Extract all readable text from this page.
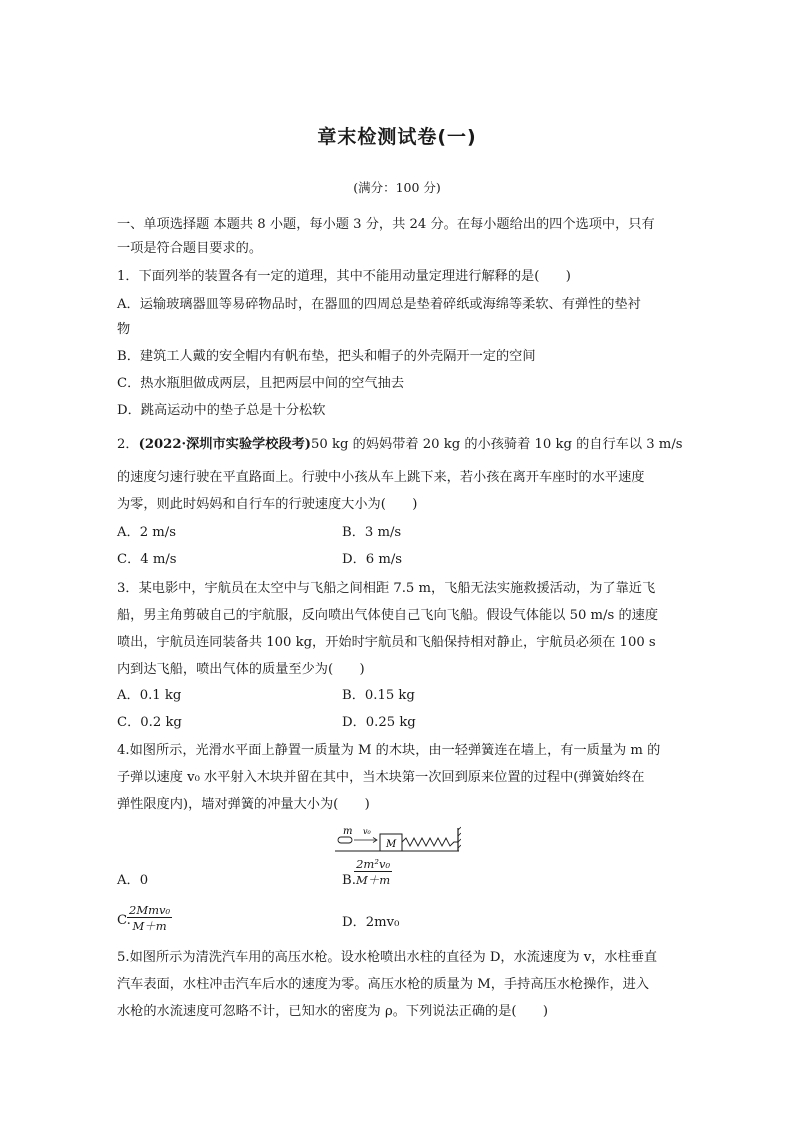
章末检测试卷(一)
(满分：100 分)
一、单项选择题 本题共 8 小题，每小题 3 分，共 24 分。在每小题给出的四个选项中，只有
一项是符合题目要求的。
1．下面列举的装置各有一定的道理，其中不能用动量定理进行解释的是(　　)
A．运输玻璃器皿等易碎物品时，在器皿的四周总是垫着碎纸或海绵等柔软、有弹性的垫衬
物
B．建筑工人戴的安全帽内有帆布垫，把头和帽子的外壳隔开一定的空间
C．热水瓶胆做成两层，且把两层中间的空气抽去
D．跳高运动中的垫子总是十分松软
2．(2022·深圳市实验学校段考)50 kg 的妈妈带着 20 kg 的小孩骑着 10 kg 的自行车以 3 m/s
的速度匀速行驶在平直路面上。行驶中小孩从车上跳下来，若小孩在离开车座时的水平速度
为零，则此时妈妈和自行车的行驶速度大小为(　　)
A．2 m/s	B．3 m/s
C．4 m/s	D．6 m/s
3．某电影中，宇航员在太空中与飞船之间相距 7.5 m，飞船无法实施救援活动，为了靠近飞
船，男主角剪破自己的宇航服，反向喷出气体使自己飞向飞船。假设气体能以 50 m/s 的速度
喷出，宇航员连同装备共 100 kg，开始时宇航员和飞船保持相对静止，宇航员必须在 100 s
内到达飞船，喷出气体的质量至少为(　　)
A．0.1 kg	B．0.15 kg
C．0.2 kg	D．0.25 kg
4.如图所示，光滑水平面上静置一质量为 M 的木块，由一轻弹簧连在墙上，有一质量为 m 的
子弹以速度 v₀ 水平射入木块并留在其中，当木块第一次回到原来位置的过程中(弹簧始终在
弹性限度内)，墙对弹簧的冲量大小为(　　)
m v₀
M
A．0	B.
$\frac{\text{2m²v₀}}{M+m}$
C.
2Mmv₀
M＋m	D．2mv₀
5.如图所示为清洗汽车用的高压水枪。设水枪喷出水柱的直径为 D，水流速度为 v，水柱垂直
汽车表面，水柱冲击汽车后水的速度为零。高压水枪的质量为 M，手持高压水枪操作，进入
水枪的水流速度可忽略不计，已知水的密度为 ρ。下列说法正确的是(　　)
